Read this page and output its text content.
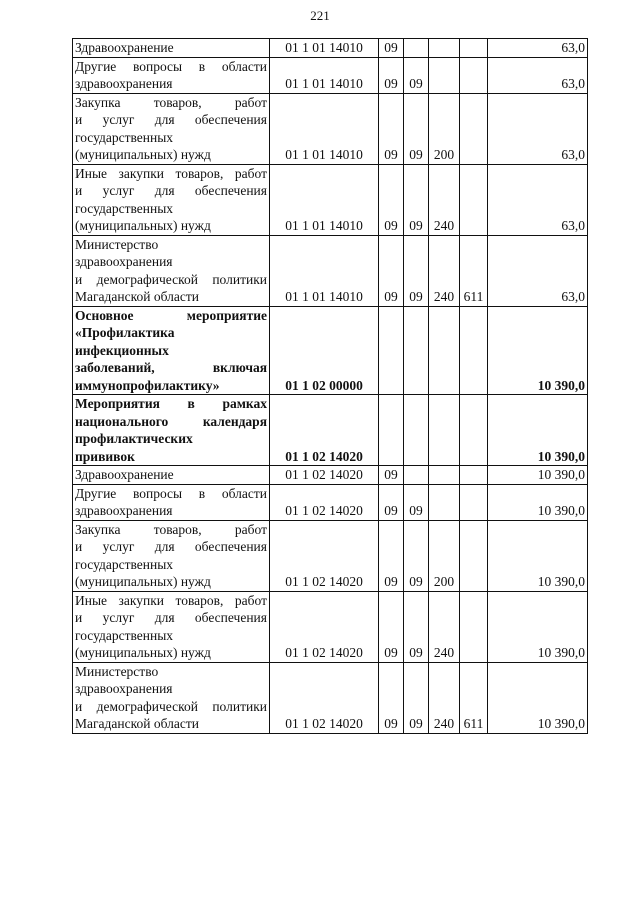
221
Здравоохранение	01 1 01 14010	09				63,0

Другие вопросы в области
здравоохранения	01 1 01 14010	09	09			63,0

Закупка товаров, работ
и услуг для обеспечения
государственных
(муниципальных) нужд	01 1 01 14010	09	09	200		63,0

Иные закупки товаров, работ
и услуг для обеспечения
государственных
(муниципальных) нужд	01 1 01 14010	09	09	240		63,0

Министерство
здравоохранения
и демографической политики
Магаданской области	01 1 01 14010	09	09	240	611	63,0

Основное мероприятие
«Профилактика
инфекционных
заболеваний, включая
иммунопрофилактику»	01 1 02 00000					10 390,0

Мероприятия в рамках
национального календаря
профилактических
прививок	01 1 02 14020					10 390,0

Здравоохранение	01 1 02 14020	09				10 390,0

Другие вопросы в области
здравоохранения	01 1 02 14020	09	09			10 390,0

Закупка товаров, работ
и услуг для обеспечения
государственных
(муниципальных) нужд	01 1 02 14020	09	09	200		10 390,0

Иные закупки товаров, работ
и услуг для обеспечения
государственных
(муниципальных) нужд	01 1 02 14020	09	09	240		10 390,0

Министерство
здравоохранения
и демографической политики
Магаданской области	01 1 02 14020	09	09	240	611	10 390,0
